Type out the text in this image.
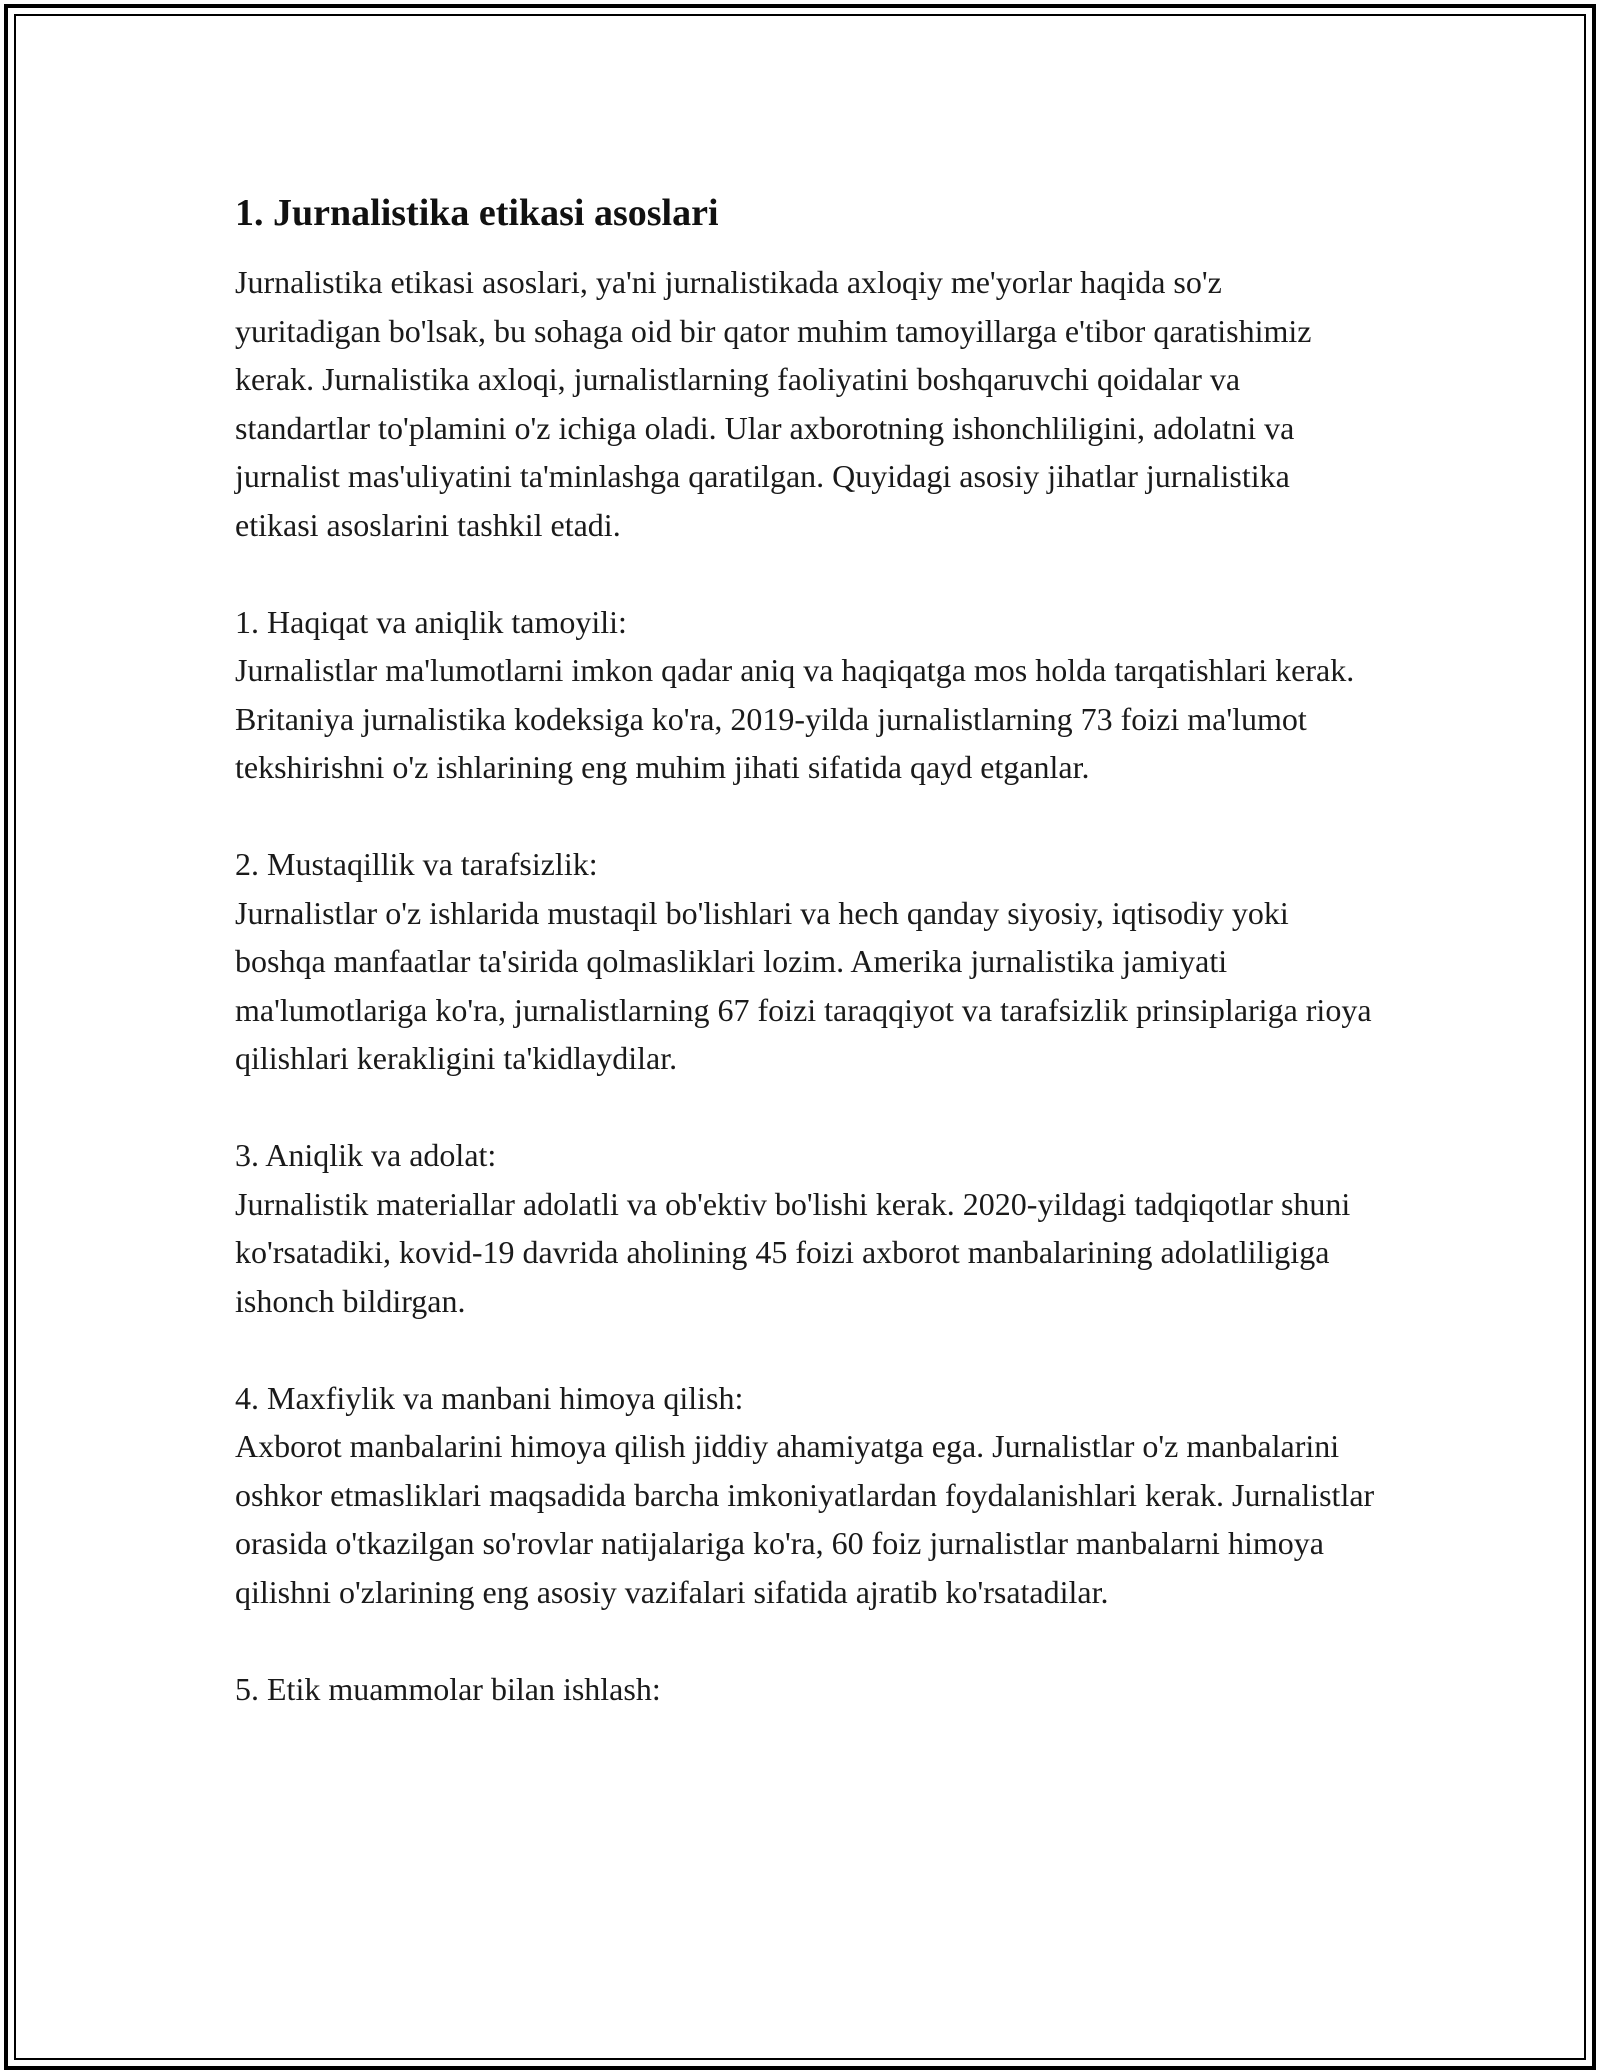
1. Jurnalistika etikasi asoslari

Jurnalistika etikasi asoslari, ya'ni jurnalistikada axloqiy me'yorlar haqida so'z yuritadigan bo'lsak, bu sohaga oid bir qator muhim tamoyillarga e'tibor qaratishimiz kerak. Jurnalistika axloqi, jurnalistlarning faoliyatini boshqaruvchi qoidalar va standartlar to'plamini o'z ichiga oladi. Ular axborotning ishonchliligini, adolatni va jurnalist mas'uliyatini ta'minlashga qaratilgan. Quyidagi asosiy jihatlar jurnalistika etikasi asoslarini tashkil etadi.

1. Haqiqat va aniqlik tamoyili:
Jurnalistlar ma'lumotlarni imkon qadar aniq va haqiqatga mos holda tarqatishlari kerak. Britaniya jurnalistika kodeksiga ko'ra, 2019-yilda jurnalistlarning 73 foizi ma'lumot tekshirishni o'z ishlarining eng muhim jihati sifatida qayd etganlar.
2. Mustaqillik va tarafsizlik:
Jurnalistlar o'z ishlarida mustaqil bo'lishlari va hech qanday siyosiy, iqtisodiy yoki boshqa manfaatlar ta'sirida qolmasliklari lozim. Amerika jurnalistika jamiyati ma'lumotlariga ko'ra, jurnalistlarning 67 foizi taraqqiyot va tarafsizlik prinsiplariga rioya qilishlari kerakligini ta'kidlaydilar.
3. Aniqlik va adolat:
Jurnalistik materiallar adolatli va ob'ektiv bo'lishi kerak. 2020-yildagi tadqiqotlar shuni ko'rsatadiki, kovid-19 davrida aholining 45 foizi axborot manbalarining adolatliligiga ishonch bildirgan.
4. Maxfiylik va manbani himoya qilish:
Axborot manbalarini himoya qilish jiddiy ahamiyatga ega. Jurnalistlar o'z manbalarini oshkor etmasliklari maqsadida barcha imkoniyatlardan foydalanishlari kerak. Jurnalistlar orasida o'tkazilgan so'rovlar natijalariga ko'ra, 60 foiz jurnalistlar manbalarni himoya qilishni o'zlarining eng asosiy vazifalari sifatida ajratib ko'rsatadilar.
5. Etik muammolar bilan ishlash:
